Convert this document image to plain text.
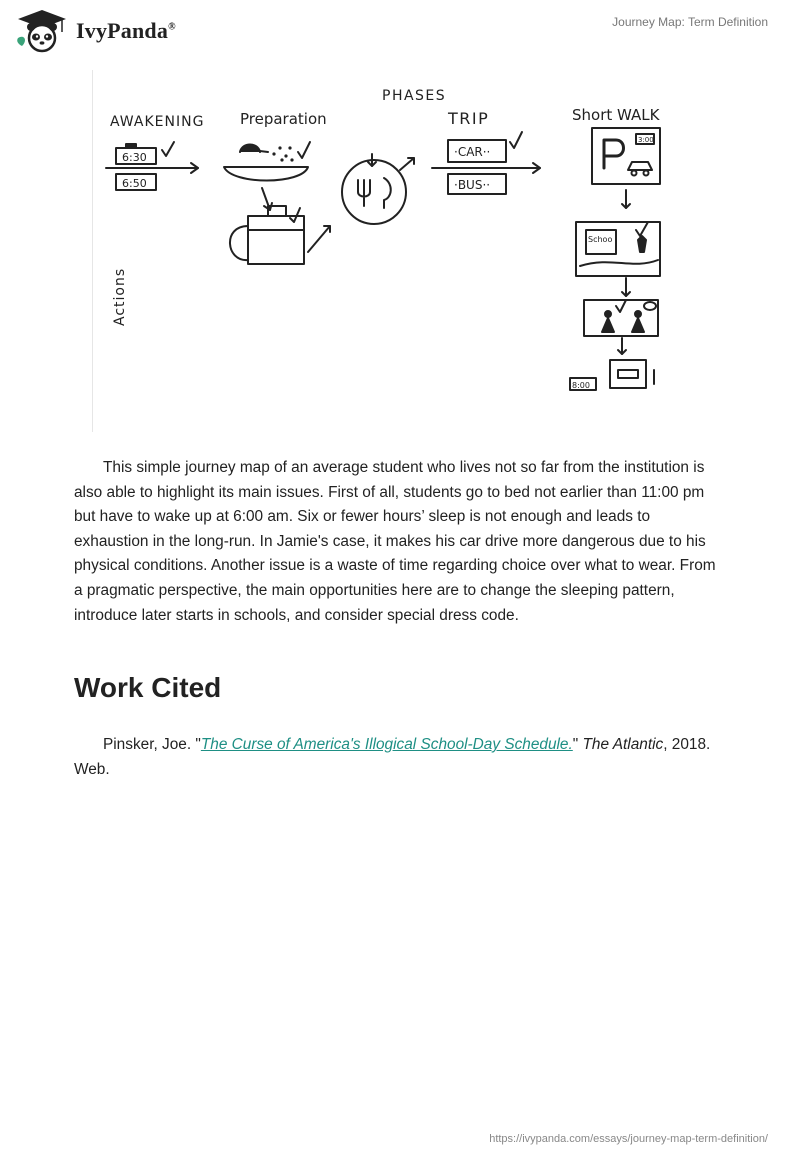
IvyPanda®	Journey Map: Term Definition
PHASES
AWAKENING Preparation	TRIP	Short WALK
6:30
6:50
·CAR··
·BUS··
3:00
Schoo
8:00
Actions

This simple journey map of an average student who lives not so far from the institution is also able to highlight its main issues. First of all, students go to bed not earlier than 11:00 pm but have to wake up at 6:00 am. Six or fewer hours’ sleep is not enough and leads to exhaustion in the long-run. In Jamie's case, it makes his car drive more dangerous due to his physical conditions. Another issue is a waste of time regarding choice over what to wear. From a pragmatic perspective, the main opportunities here are to change the sleeping pattern, introduce later starts in schools, and consider special dress code.

Work Cited

Pinsker, Joe. "The Curse of America's Illogical School-Day Schedule." The Atlantic, 2018. Web.

https://ivypanda.com/essays/journey-map-term-definition/
